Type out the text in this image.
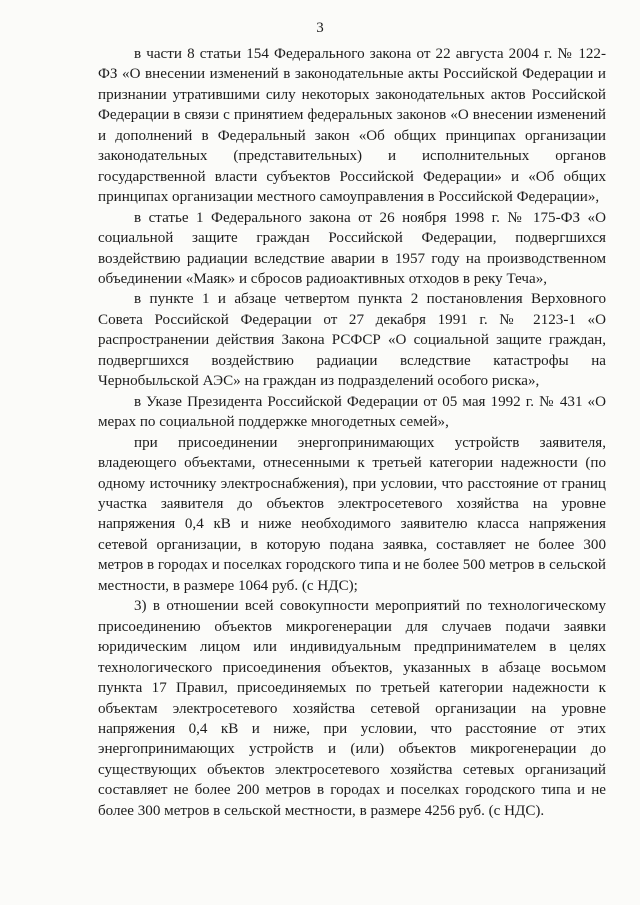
3

в части 8 статьи 154 Федерального закона от 22 августа 2004 г. № 122-ФЗ «О внесении изменений в законодательные акты Российской Федерации и признании утратившими силу некоторых законодательных актов Российской Федерации в связи с принятием федеральных законов «О внесении изменений и дополнений в Федеральный закон «Об общих принципах организации законодательных (представительных) и исполнительных органов государственной власти субъектов Российской Федерации» и «Об общих принципах организации местного самоуправления в Российской Федерации»,

в статье 1 Федерального закона от 26 ноября 1998 г. № 175-ФЗ «О социальной защите граждан Российской Федерации, подвергшихся воздействию радиации вследствие аварии в 1957 году на производственном объединении «Маяк» и сбросов радиоактивных отходов в реку Теча»,

в пункте 1 и абзаце четвертом пункта 2 постановления Верховного Совета Российской Федерации от 27 декабря 1991 г. № 2123-1 «О распространении действия Закона РСФСР «О социальной защите граждан, подвергшихся воздействию радиации вследствие катастрофы на Чернобыльской АЭС» на граждан из подразделений особого риска»,

в Указе Президента Российской Федерации от 05 мая 1992 г. № 431 «О мерах по социальной поддержке многодетных семей»,

при присоединении энергопринимающих устройств заявителя, владеющего объектами, отнесенными к третьей категории надежности (по одному источнику электроснабжения), при условии, что расстояние от границ участка заявителя до объектов электросетевого хозяйства на уровне напряжения 0,4 кВ и ниже необходимого заявителю класса напряжения сетевой организации, в которую подана заявка, составляет не более 300 метров в городах и поселках городского типа и не более 500 метров в сельской местности, в размере 1064 руб. (с НДС);

3) в отношении всей совокупности мероприятий по технологическому присоединению объектов микрогенерации для случаев подачи заявки юридическим лицом или индивидуальным предпринимателем в целях технологического присоединения объектов, указанных в абзаце восьмом пункта 17 Правил, присоединяемых по третьей категории надежности к объектам электросетевого хозяйства сетевой организации на уровне напряжения 0,4 кВ и ниже, при условии, что расстояние от этих энергопринимающих устройств и (или) объектов микрогенерации до существующих объектов электросетевого хозяйства сетевых организаций составляет не более 200 метров в городах и поселках городского типа и не более 300 метров в сельской местности, в размере 4256 руб. (с НДС).
